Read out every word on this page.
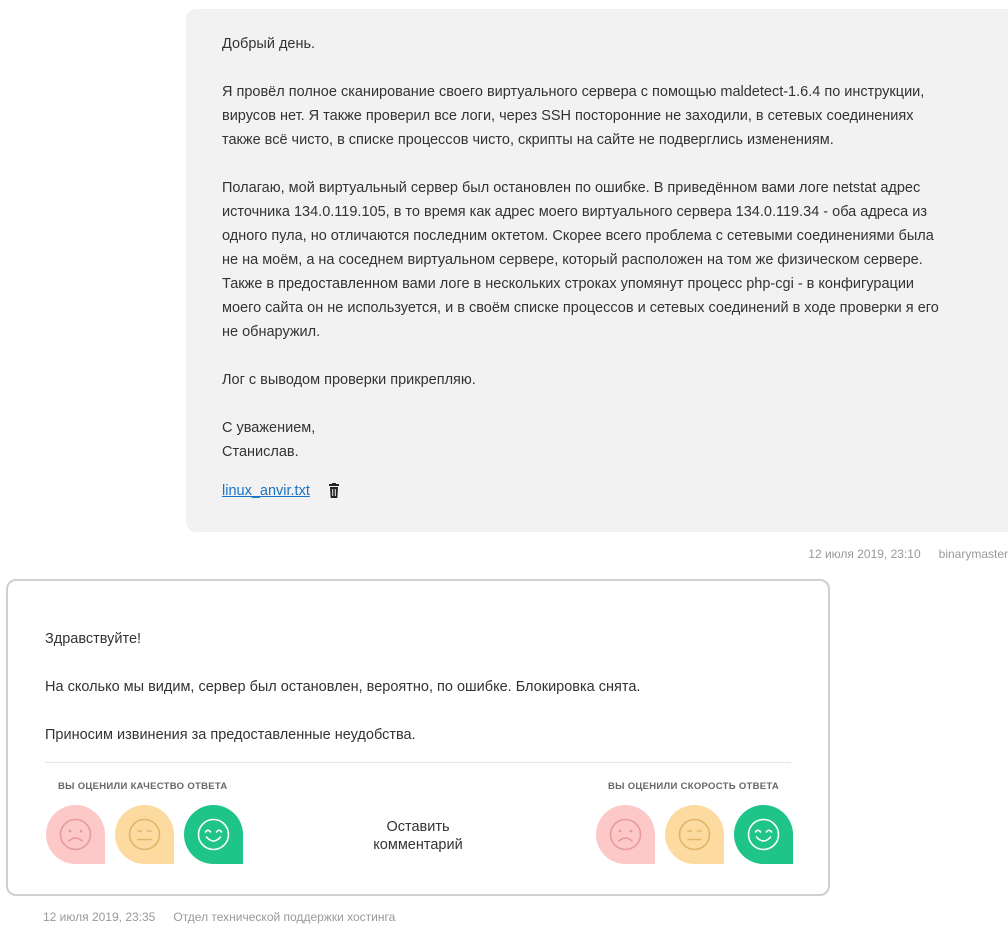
Добрый день.

Я провёл полное сканирование своего виртуального сервера с помощью maldetect-1.6.4 по инструкции,

вирусов нет. Я также проверил все логи, через SSH посторонние не заходили, в сетевых соединениях

также всё чисто, в списке процессов чисто, скрипты на сайте не подверглись изменениям.

Полагаю, мой виртуальный сервер был остановлен по ошибке. В приведённом вами логе netstat адрес

источника 134.0.119.105, в то время как адрес моего виртуального сервера 134.0.119.34 - оба адреса из

одного пула, но отличаются последним октетом. Скорее всего проблема с сетевыми соединениями была

не на моём, а на соседнем виртуальном сервере, который расположен на том же физическом сервере.

Также в предоставленном вами логе в нескольких строках упомянут процесс php-cgi - в конфигурации

моего сайта он не используется, и в своём списке процессов и сетевых соединений в ходе проверки я его

не обнаружил.

Лог с выводом проверки прикрепляю.

С уважением,

Станислав.

linux_anvir.txt
12 июля 2019, 23:10 binarymaster

Здравствуйте!

На сколько мы видим, сервер был остановлен, вероятно, по ошибке. Блокировка снята.

Приносим извинения за предоставленные неудобства.

ВЫ ОЦЕНИЛИ КАЧЕСТВО ОТВЕТА
Оставить комментарий
ВЫ ОЦЕНИЛИ СКОРОСТЬ ОТВЕТА
12 июля 2019, 23:35 Отдел технической поддержки хостинга
